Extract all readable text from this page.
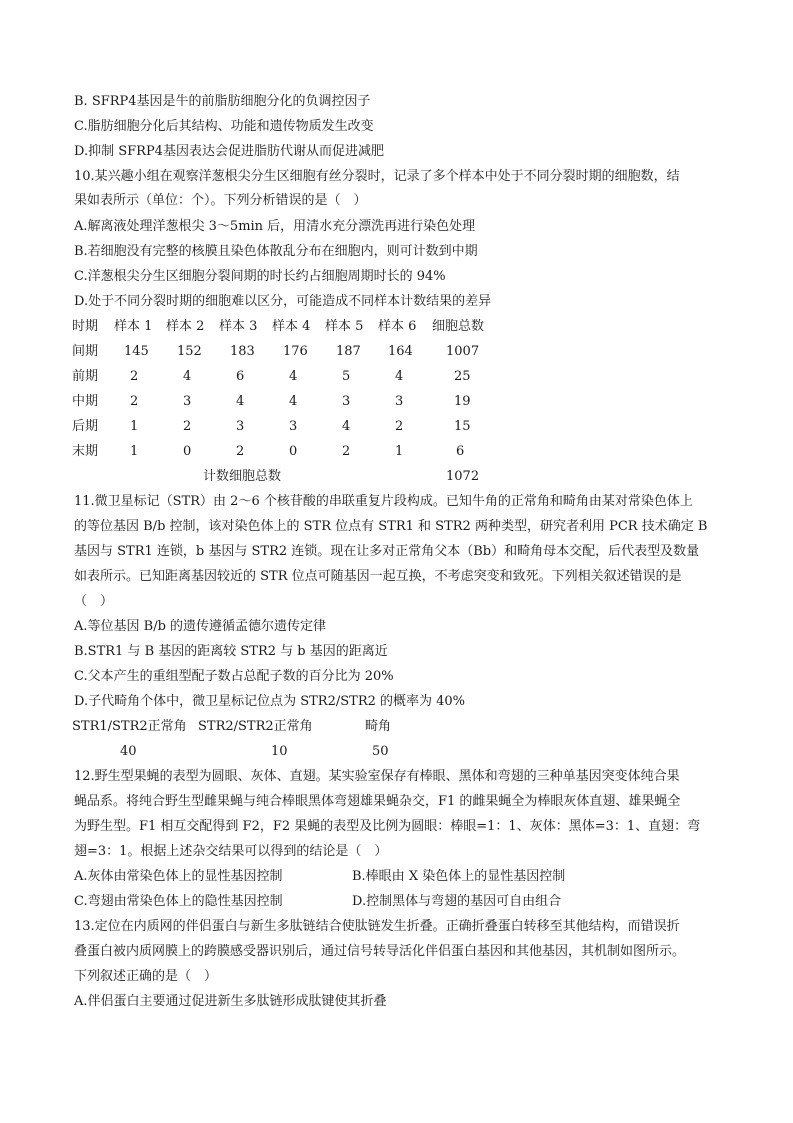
B. SFRP4基因是牛的前脂肪细胞分化的负调控因子
C.脂肪细胞分化后其结构、功能和遗传物质发生改变
D.抑制 SFRP4基因表达会促进脂肪代谢从而促进减肥
10.某兴趣小组在观察洋葱根尖分生区细胞有丝分裂时，记录了多个样本中处于不同分裂时期的细胞数，结
果如表所示（单位：个）。下列分析错误的是（　）
A.解离液处理洋葱根尖 3～5min 后，用清水充分漂洗再进行染色处理
B.若细胞没有完整的核膜且染色体散乱分布在细胞内，则可计数到中期
C.洋葱根尖分生区细胞分裂间期的时长约占细胞周期时长的 94%
D.处于不同分裂时期的细胞难以区分，可能造成不同样本计数结果的差异
时期 样本 1 样本 2 样本 3 样本 4 样本 5 样本 6 细胞总数
间期 145 152 183 176 187 164	1007
前期 2	4	6	4	5	4	25
中期 2	3	4	4	3	3	19
后期 1	2	3	3	4	2	15
末期 1	0	2	0	2	1	6
计数细胞总数	1072
11.微卫星标记（STR）由 2～6 个核苷酸的串联重复片段构成。已知牛角的正常角和畸角由某对常染色体上
的等位基因 B/b 控制，该对染色体上的 STR 位点有 STR1 和 STR2 两种类型，研究者利用 PCR 技术确定 B
基因与 STR1 连锁，b 基因与 STR2 连锁。现在让多对正常角父本（Bb）和畸角母本交配，后代表型及数量
如表所示。已知距离基因较近的 STR 位点可随基因一起互换，不考虑突变和致死。下列相关叙述错误的是
（　）
A.等位基因 B/b 的遗传遵循孟德尔遗传定律
B.STR1 与 B 基因的距离较 STR2 与 b 基因的距离近
C.父本产生的重组型配子数占总配子数的百分比为 20%
D.子代畸角个体中，微卫星标记位点为 STR2/STR2 的概率为 40%
STR1/STR2正常角 STR2/STR2正常角	畸角
40	10	50
12.野生型果蝇的表型为圆眼、灰体、直翅。某实验室保存有棒眼、黑体和弯翅的三种单基因突变体纯合果
蝇品系。将纯合野生型雌果蝇与纯合棒眼黑体弯翅雄果蝇杂交，F1 的雌果蝇全为棒眼灰体直翅、雄果蝇全
为野生型。F1 相互交配得到 F2，F2 果蝇的表型及比例为圆眼：棒眼=1：1、灰体：黑体=3：1、直翅：弯
翅=3：1。根据上述杂交结果可以得到的结论是（　）
A.灰体由常染色体上的显性基因控制	B.棒眼由 X 染色体上的显性基因控制
C.弯翅由常染色体上的隐性基因控制	D.控制黑体与弯翅的基因可自由组合
13.定位在内质网的伴侣蛋白与新生多肽链结合使肽链发生折叠。正确折叠蛋白转移至其他结构，而错误折
叠蛋白被内质网膜上的跨膜感受器识别后，通过信号转导活化伴侣蛋白基因和其他基因，其机制如图所示。
下列叙述正确的是（　）
A.伴侣蛋白主要通过促进新生多肽链形成肽键使其折叠
